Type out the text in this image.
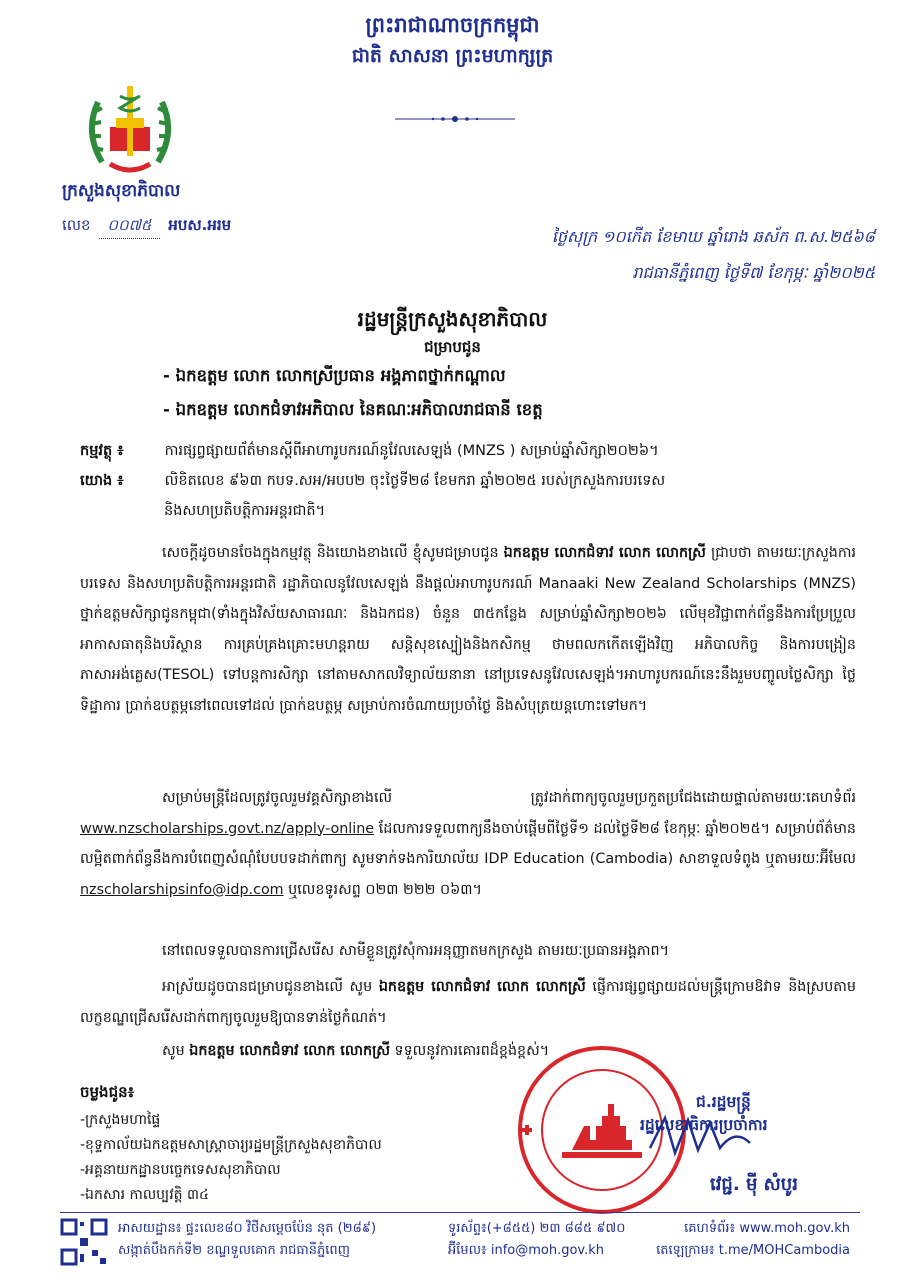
ព្រះរាជាណាចក្រកម្ពុជា
ជាតិ សាសនា ព្រះមហាក្សត្រ
ក្រសួងសុខាភិបាល
លេខ ០០៧៥ អបស.អរម
ថ្ងៃសុក្រ ១០កើត ខែមាឃ ឆ្នាំរោង ឆស័ក ព.ស.២៥៦៨
រាជធានីភ្នំពេញ ថ្ងៃទី៧ ខែកុម្ភៈ ឆ្នាំ២០២៥
រដ្ឋមន្ត្រីក្រសួងសុខាភិបាល
ជម្រាបជូន
- ឯកឧត្តម លោក លោកស្រីប្រធាន អង្គភាពថ្នាក់កណ្តាល
- ឯកឧត្តម លោកជំទាវអភិបាល នៃគណៈអភិបាលរាជធានី ខេត្ត
កម្មវត្ថុ ៖	ការផ្សព្វផ្សាយព័ត៌មានស្តីពីអាហារូបករណ៍នូវែលសេឡង់ (MNZS ) សម្រាប់ឆ្នាំសិក្សា២០២៦។
យោង ៖	លិខិតលេខ ៩៦៣ កបទ.សអ/អបប២ ចុះថ្ងៃទី២៨ ខែមករា ឆ្នាំ២០២៥ របស់ក្រសួងការបរទេស
និងសហប្រតិបត្តិការអន្តរជាតិ។
សេចក្តីដូចមានចែងក្នុងកម្មវត្ថុ និងយោងខាងលើ ខ្ញុំសូមជម្រាបជូន ឯកឧត្តម លោកជំទាវ លោក លោកស្រី ជ្រាបថា តាមរយៈក្រសួងការបរទេស និងសហប្រតិបត្តិការអន្តរជាតិ រដ្ឋាភិបាលនូវែលសេឡង់ នឹងផ្តល់អាហារូបករណ៍ Manaaki New Zealand Scholarships (MNZS) ថ្នាក់ឧត្តមសិក្សាជូនកម្ពុជា(ទាំងក្នុងវិស័យសាធារណៈ និងឯកជន) ចំនួន ៣៥កន្លែង សម្រាប់ឆ្នាំសិក្សា២០២៦ លើមុខវិជ្ជាពាក់ព័ន្ធនឹងការប្រែប្រួលអាកាសធាតុនិងបរិស្ថាន ការគ្រប់គ្រងគ្រោះមហន្តរាយ សន្តិសុខស្បៀងនិងកសិកម្ម ថាមពលកកើតឡើងវិញ អភិបាលកិច្ច និងការបង្រៀនភាសាអង់គ្លេស(TESOL) ទៅបន្តការសិក្សា នៅតាមសាកលវិទ្យាល័យនានា នៅប្រទេសនូវែលសេឡង់។អាហារូបករណ៍នេះនឹងរួមបញ្ចូលថ្លៃសិក្សា ថ្លៃទិដ្ឋាការ ប្រាក់ឧបត្ថម្ភនៅពេលទៅដល់ ប្រាក់ឧបត្ថម្ភ សម្រាប់ការចំណាយប្រចាំថ្ងៃ និងសំបុត្រយន្តហោះទៅមក។
សម្រាប់មន្ត្រីដែលត្រូវចូលរួមវគ្គសិក្សាខាងលើ ត្រូវដាក់ពាក្យចូលរួមប្រកួតប្រជែងដោយផ្ទាល់តាមរយៈគេហទំព័រ www.nzscholarships.govt.nz/apply-online ដែលការទទួលពាក្យនឹងចាប់ផ្តើមពីថ្ងៃទី១ ដល់ថ្ងៃទី២៨ ខែកុម្ភៈ ឆ្នាំ២០២៥។ សម្រាប់ព័ត៌មានលម្អិតពាក់ព័ន្ធនឹងការបំពេញសំណុំបែបបទដាក់ពាក្យ សូមទាក់ទងការិយាល័យ IDP Education (Cambodia) សាខាទួលទំពូង ឬតាមរយៈអ៊ីមែល nzscholarshipsinfo@idp.com ឬលេខទូរសព្ទ ០២៣ ២២២ ០៦៣។
នៅពេលទទួលបានការជ្រើសរើស សាមីខ្លួនត្រូវសុំការអនុញ្ញាតមកក្រសួង តាមរយៈប្រធានអង្គភាព។
អាស្រ័យដូចបានជម្រាបជូនខាងលើ សូម ឯកឧត្តម លោកជំទាវ លោក លោកស្រី ផ្ញើការផ្សព្វផ្សាយដល់មន្ត្រីក្រោមឱវាទ និងស្របតាមលក្ខខណ្ឌជ្រើសរើសដាក់ពាក្យចូលរួមឱ្យបានទាន់ថ្ងៃកំណត់។
សូម ឯកឧត្តម លោកជំទាវ លោក លោកស្រី ទទួលនូវការគោរពដ៏ខ្ពង់ខ្ពស់។
ជ.រដ្ឋមន្ត្រី
រដ្ឋលេខាធិការប្រចាំការ
វេជ្ជ. ម៉ី សំបូរ
ចម្លងជូន៖
-ក្រសួងមហាផ្ទៃ
-ខុទ្ទកាល័យឯកឧត្តមសាស្ត្រាចារ្យរដ្ឋមន្ត្រីក្រសួងសុខាភិបាល
-អគ្គនាយកដ្ឋានបច្ចេកទេសសុខាភិបាល
-ឯកសារ កាលប្បវត្តិ ៣៤
អាសយដ្ឋាន៖ ផ្ទះលេខ៨០ វិថីសម្តេចប៉ែន នុត (២៨៩)
សង្កាត់បឹងកក់ទី២ ខណ្ឌទួលគោក រាជធានីភ្នំពេញ
ទូរស័ព្ទ៖(+៨៥៥) ២៣ ៨៨៥ ៩៧០
អ៊ីមែល៖ info@moh.gov.kh
គេហទំព័រ៖ www.moh.gov.kh
តេឡេក្រាម៖ t.me/MOHCambodia
